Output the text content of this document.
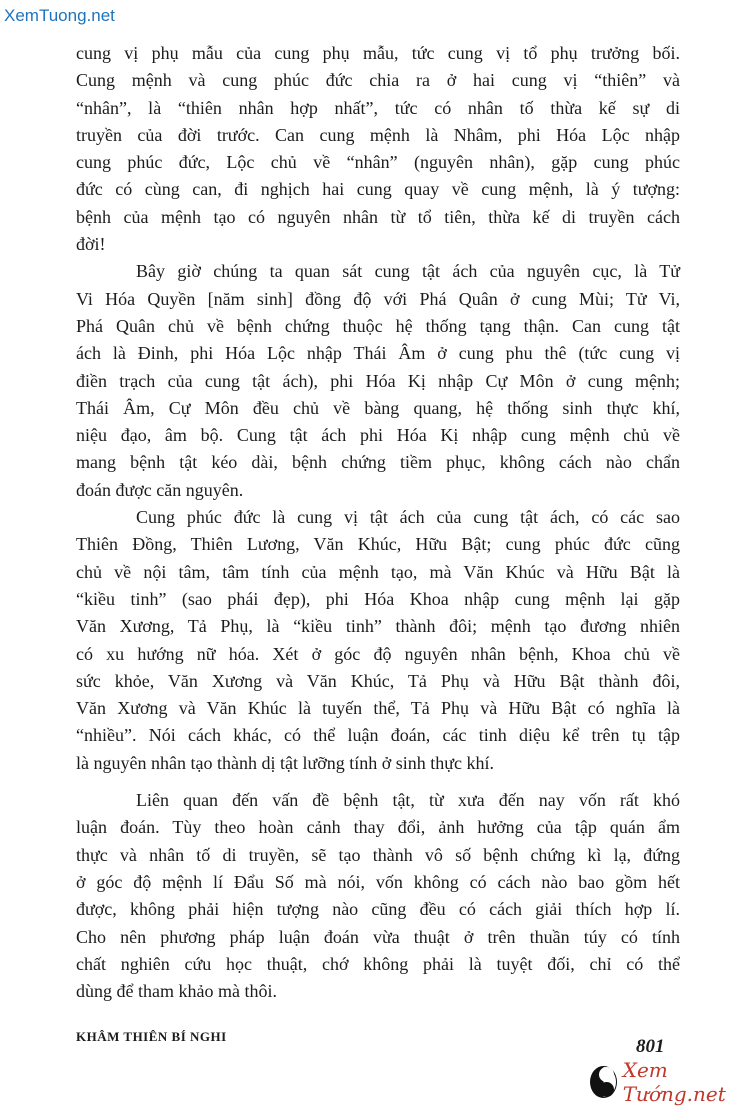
XemTuong.net

cung vị phụ mẫu của cung phụ mẫu, tức cung vị tổ phụ trưởng bối.
Cung mệnh và cung phúc đức chia ra ở hai cung vị “thiên” và
“nhân”, là “thiên nhân hợp nhất”, tức có nhân tố thừa kế sự di
truyền của đời trước. Can cung mệnh là Nhâm, phi Hóa Lộc nhập
cung phúc đức, Lộc chủ về “nhân” (nguyên nhân), gặp cung phúc
đức có cùng can, đi nghịch hai cung quay về cung mệnh, là ý tượng:
bệnh của mệnh tạo có nguyên nhân từ tổ tiên, thừa kế di truyền cách
đời!

Bây giờ chúng ta quan sát cung tật ách của nguyên cục, là Tử
Vi Hóa Quyền [năm sinh] đồng độ với Phá Quân ở cung Mùi; Tử Vi,
Phá Quân chủ về bệnh chứng thuộc hệ thống tạng thận. Can cung tật
ách là Đinh, phi Hóa Lộc nhập Thái Âm ở cung phu thê (tức cung vị
điền trạch của cung tật ách), phi Hóa Kị nhập Cự Môn ở cung mệnh;
Thái Âm, Cự Môn đều chủ về bàng quang, hệ thống sinh thực khí,
niệu đạo, âm bộ. Cung tật ách phi Hóa Kị nhập cung mệnh chủ về
mang bệnh tật kéo dài, bệnh chứng tiềm phục, không cách nào chẩn
đoán được căn nguyên.

Cung phúc đức là cung vị tật ách của cung tật ách, có các sao
Thiên Đồng, Thiên Lương, Văn Khúc, Hữu Bật; cung phúc đức cũng
chủ về nội tâm, tâm tính của mệnh tạo, mà Văn Khúc và Hữu Bật là
“kiều tinh” (sao phái đẹp), phi Hóa Khoa nhập cung mệnh lại gặp
Văn Xương, Tả Phụ, là “kiều tinh” thành đôi; mệnh tạo đương nhiên
có xu hướng nữ hóa. Xét ở góc độ nguyên nhân bệnh, Khoa chủ về
sức khỏe, Văn Xương và Văn Khúc, Tả Phụ và Hữu Bật thành đôi,
Văn Xương và Văn Khúc là tuyến thể, Tả Phụ và Hữu Bật có nghĩa là
“nhiều”. Nói cách khác, có thể luận đoán, các tinh diệu kể trên tụ tập
là nguyên nhân tạo thành dị tật lưỡng tính ở sinh thực khí.

Liên quan đến vấn đề bệnh tật, từ xưa đến nay vốn rất khó
luận đoán. Tùy theo hoàn cảnh thay đổi, ảnh hưởng của tập quán ẩm
thực và nhân tố di truyền, sẽ tạo thành vô số bệnh chứng kì lạ, đứng
ở góc độ mệnh lí Đẩu Số mà nói, vốn không có cách nào bao gồm hết
được, không phải hiện tượng nào cũng đều có cách giải thích hợp lí.
Cho nên phương pháp luận đoán vừa thuật ở trên thuần túy có tính
chất nghiên cứu học thuật, chớ không phải là tuyệt đối, chỉ có thể
dùng để tham khảo mà thôi.

KHÂM THIÊN BÍ NGHI	801
Xem Tướng.net
